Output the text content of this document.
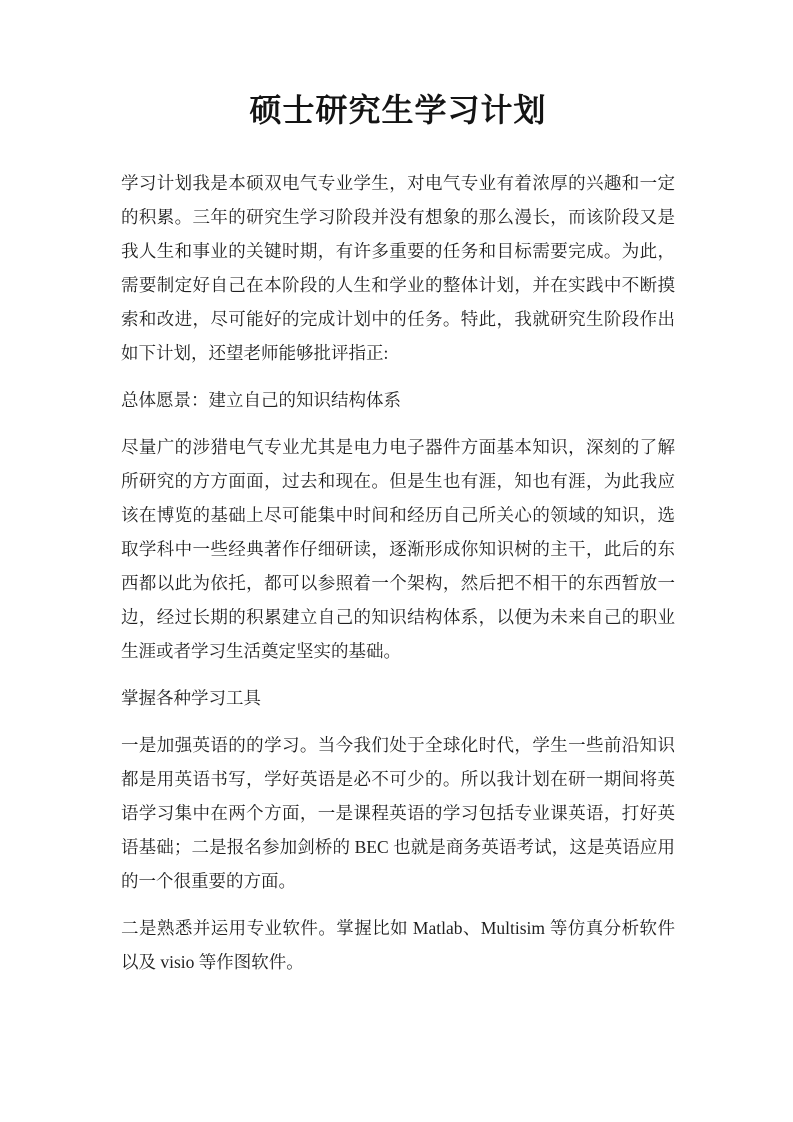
硕士研究生学习计划

学习计划我是本硕双电气专业学生，对电气专业有着浓厚的兴趣和一定的积累。三年的研究生学习阶段并没有想象的那么漫长，而该阶段又是我人生和事业的关键时期，有许多重要的任务和目标需要完成。为此，需要制定好自己在本阶段的人生和学业的整体计划，并在实践中不断摸索和改进，尽可能好的完成计划中的任务。特此，我就研究生阶段作出如下计划，还望老师能够批评指正:

总体愿景：建立自己的知识结构体系

尽量广的涉猎电气专业尤其是电力电子器件方面基本知识，深刻的了解所研究的方方面面，过去和现在。但是生也有涯，知也有涯，为此我应该在博览的基础上尽可能集中时间和经历自己所关心的领域的知识，选取学科中一些经典著作仔细研读，逐渐形成你知识树的主干，此后的东西都以此为依托，都可以参照着一个架构，然后把不相干的东西暂放一边，经过长期的积累建立自己的知识结构体系，以便为未来自己的职业生涯或者学习生活奠定坚实的基础。

掌握各种学习工具

一是加强英语的的学习。当今我们处于全球化时代，学生一些前沿知识都是用英语书写，学好英语是必不可少的。所以我计划在研一期间将英语学习集中在两个方面，一是课程英语的学习包括专业课英语，打好英语基础；二是报名参加剑桥的 BEC 也就是商务英语考试，这是英语应用的一个很重要的方面。

二是熟悉并运用专业软件。掌握比如 Matlab、Multisim 等仿真分析软件以及 visio 等作图软件。
